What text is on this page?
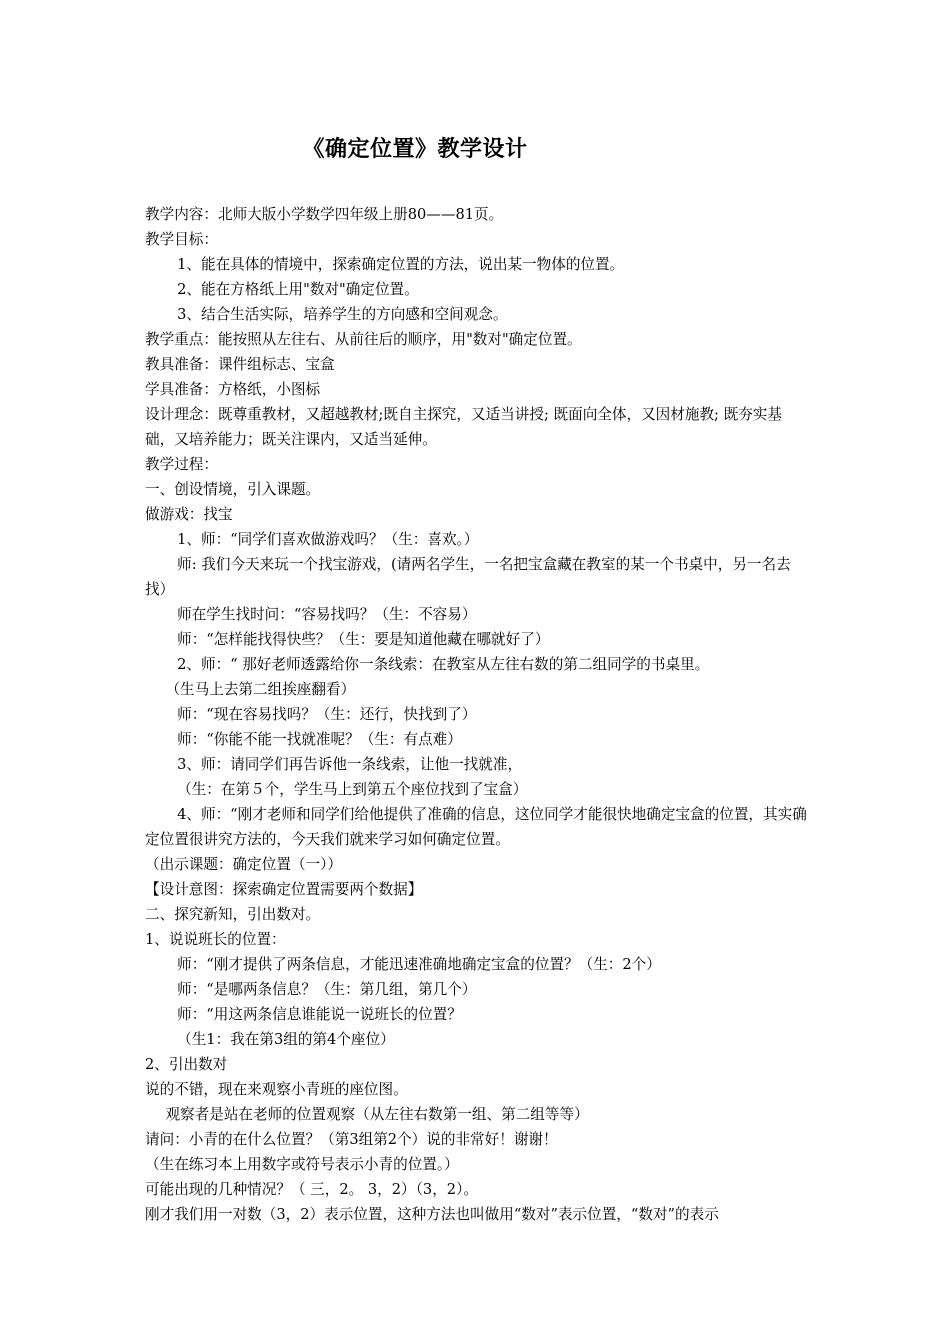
《确定位置》教学设计

教学内容：北师大版小学数学四年级上册80——81页。

教学目标：

1、能在具体的情境中，探索确定位置的方法，说出某一物体的位置。

2、能在方格纸上用"数对"确定位置。

3、结合生活实际，培养学生的方向感和空间观念。

教学重点：能按照从左往右、从前往后的顺序，用"数对"确定位置。

教具准备：课件组标志、宝盒

学具准备：方格纸，小图标

设计理念：既尊重教材，又超越教材;既自主探究，又适当讲授; 既面向全体，又因材施教; 既夯实基础，又培养能力；既关注课内，又适当延伸。

教学过程：

一、创设情境，引入课题。

做游戏：找宝

1、师：“同学们喜欢做游戏吗？（生：喜欢。）

师: 我们今天来玩一个找宝游戏，(请两名学生，一名把宝盒藏在教室的某一个书桌中，另一名去找）

师在学生找时问：“容易找吗？（生：不容易）

师：“怎样能找得快些？（生：要是知道他藏在哪就好了）

2、师：“ 那好老师透露给你一条线索：在教室从左往右数的第二组同学的书桌里。

（生马上去第二组挨座翻看）

师：“现在容易找吗？（生：还行，快找到了）

师：“你能不能一找就准呢？（生：有点难）

3、师：请同学们再告诉他一条线索，让他一找就准，

（生：在第５个，学生马上到第五个座位找到了宝盒）

4、师：“刚才老师和同学们给他提供了准确的信息，这位同学才能很快地确定宝盒的位置，其实确定位置很讲究方法的，今天我们就来学习如何确定位置。

（出示课题：确定位置（一））

【设计意图：探索确定位置需要两个数据】

二、探究新知，引出数对。

1、说说班长的位置：

师：“刚才提供了两条信息，才能迅速准确地确定宝盒的位置？（生：2个）

师：“是哪两条信息？（生：第几组，第几个）

师：“用这两条信息谁能说一说班长的位置？

（生1：我在第3组的第4个座位）

2、引出数对

说的不错，现在来观察小青班的座位图。

观察者是站在老师的位置观察（从左往右数第一组、第二组等等）

请问：小青的在什么位置？（第3组第2个）说的非常好！谢谢！

（生在练习本上用数字或符号表示小青的位置。）

可能出现的几种情况？（ 三，2。 3，2）（3，2）。

刚才我们用一对数（3，2）表示位置，这种方法也叫做用“数对”表示位置，“数对”的表示
